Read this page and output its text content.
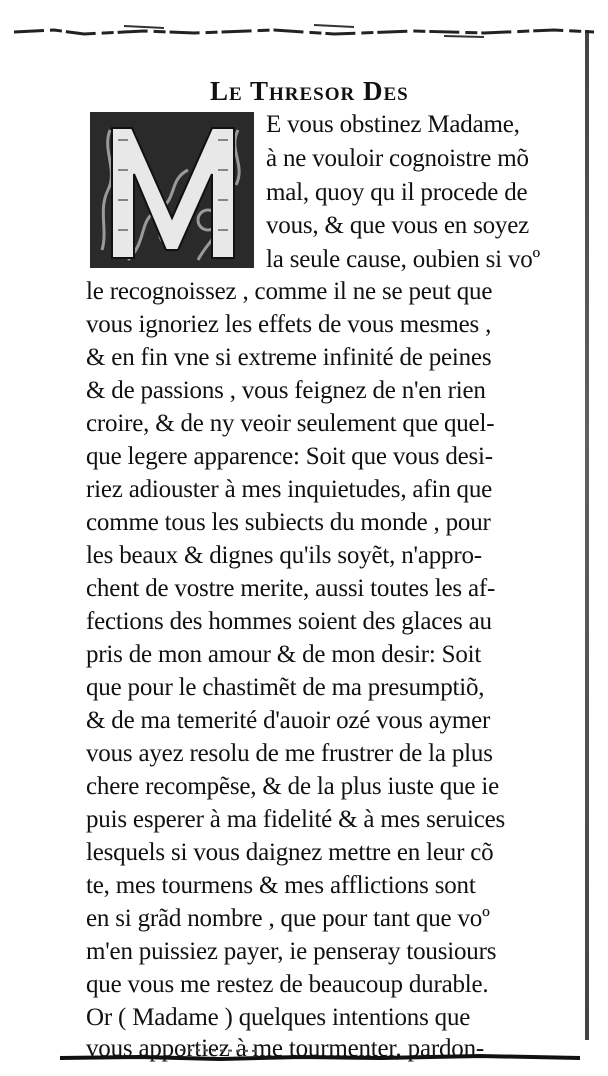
Le Thresor Des
E vous obstinez Madame,
à ne vouloir cognoistre mõ
mal, quoy qu il procede de
vous, & que vous en soyez
la seule cause, oubien si voº
le recognoissez , comme il ne se peut que
vous ignoriez les effets de vous mesmes ,
& en fin vne si extreme infinité de peines
& de passions , vous feignez de n'en rien
croire, & de ny veoir seulement que quel-
que legere apparence: Soit que vous desi-
riez adiouster à mes inquietudes, afin que
comme tous les subiects du monde , pour
les beaux & dignes qu'ils soyẽt, n'appro-
chent de vostre merite, aussi toutes les af-
fections des hommes soient des glaces au
pris de mon amour & de mon desir: Soit
que pour le chastimẽt de ma presumptiõ,
& de ma temerité d'auoir ozé vous aymer
vous ayez resolu de me frustrer de la plus
chere recompẽse, & de la plus iuste que ie
puis esperer à ma fidelité & à mes seruices
lesquels si vous daignez mettre en leur cõ
te, mes tourmens & mes afflictions sont
en si grãd nombre , que pour tant que voº
m'en puissiez payer, ie penseray tousiours
que vous me restez de beaucoup durable.
Or ( Madame ) quelques intentions que
vous apportiez à me tourmenter, pardon-
